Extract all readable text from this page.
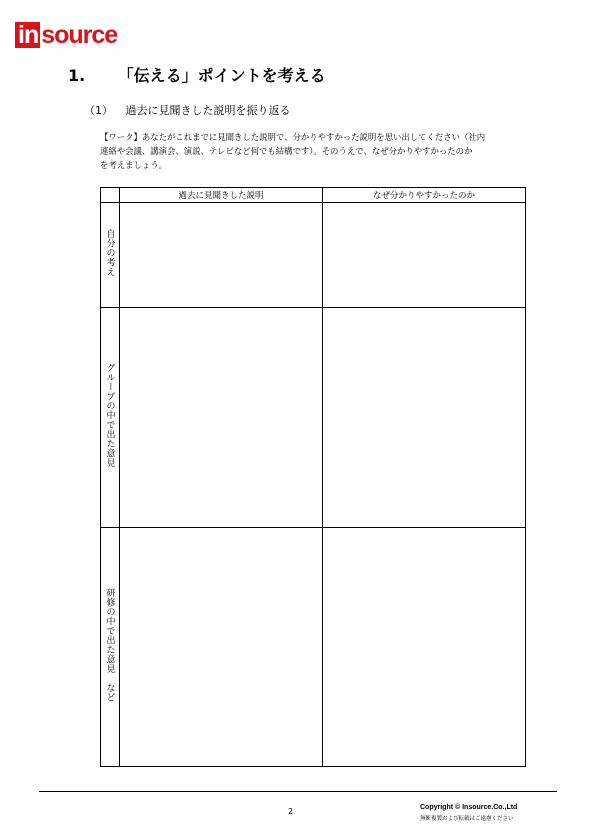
in source
1. 「伝える」ポイントを考える
（1） 過去に見聞きした説明を振り返る

【ワーク】あなたがこれまでに見聞きした説明で、分かりやすかった説明を思い出してください（社内

連絡や会議、講演会、演説、テレビなど何でも結構です）。そのうえで、なぜ分かりやすかったのか

を考えましょう。

	過去に見聞きした説明	なぜ分かりやすかったのか
自分の考え		
グループの中で出た意見		
研修の中で出た意見　など		
2	Copyright © Insource.Co.,Ltd
無断複製および転載はご遠慮ください
